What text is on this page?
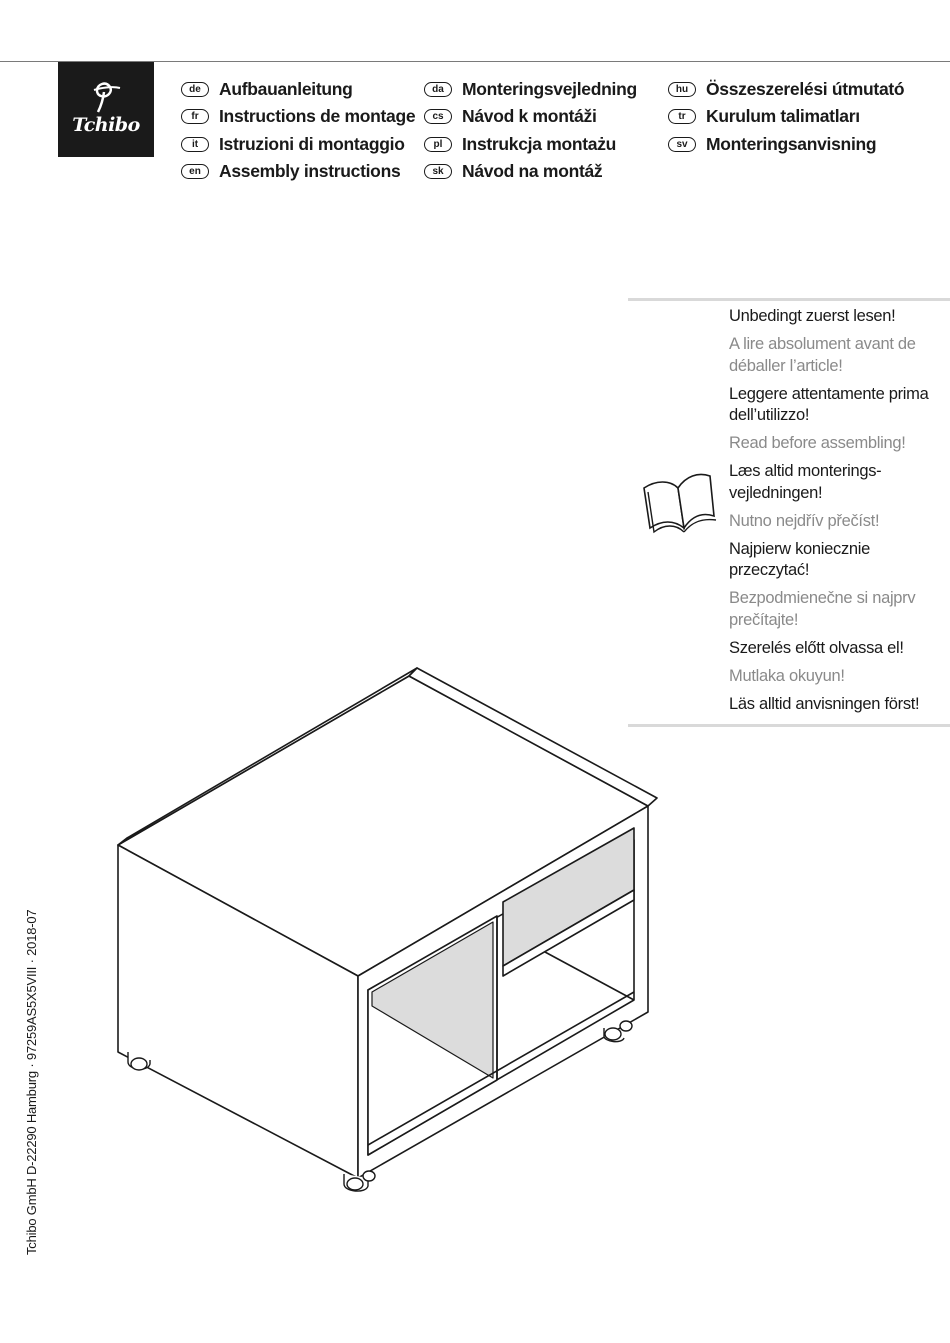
Tchibo
de	Aufbauanleitung
fr	Instructions de montage
it	Istruzioni di montaggio
en	Assembly instructions
da	Monteringsvejledning
cs	Návod k montáži
pl	Instrukcja montażu
sk	Návod na montáž
hu	Összeszerelési útmutató
tr	Kurulum talimatları
sv	Monteringsanvisning
Unbedingt zuerst lesen!
A lire absolument avant de déballer l’article!
Leggere attentamente prima dell’utilizzo!
Read before assembling!
Læs altid monterings-vejledningen!
Nutno nejdřív přečíst!
Najpierw koniecznie przeczytać!
Bezpodmienečne si najprv prečítajte!
Szerelés előtt olvassa el!
Mutlaka okuyun!
Läs alltid anvisningen först!
Tchibo GmbH D-22290 Hamburg · 97259AS5X5VIII · 2018-07
